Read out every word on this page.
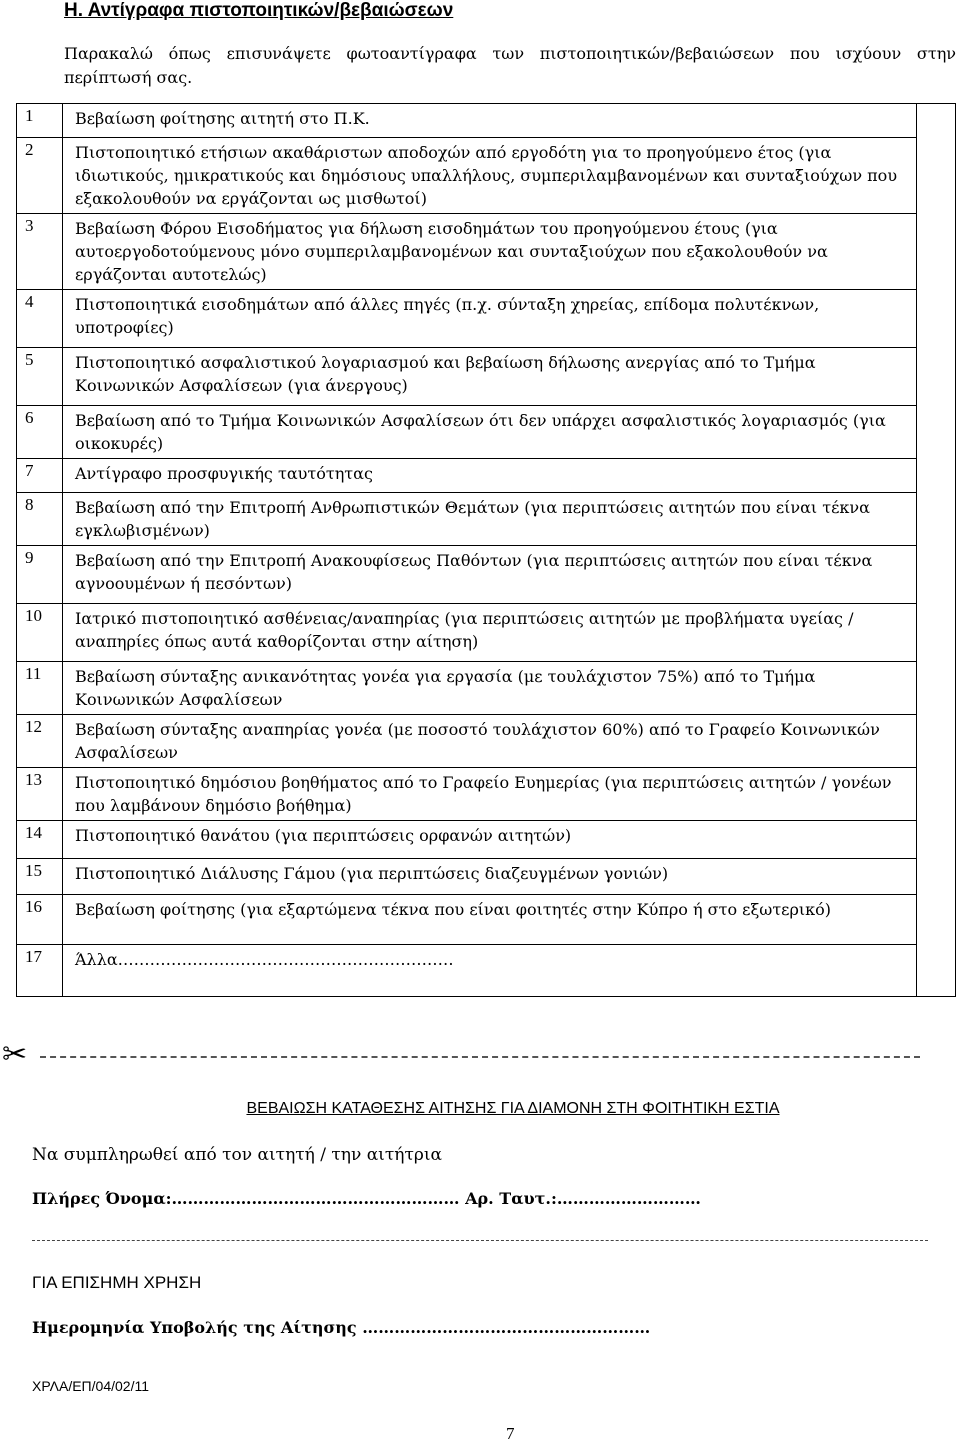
Η. Αντίγραφα πιστοποιητικών/βεβαιώσεων
Παρακαλώ όπως επισυνάψετε φωτοαντίγραφα των πιστοποιητικών/βεβαιώσεων που ισχύουν στην περίπτωσή σας.
1	Βεβαίωση φοίτησης αιτητή στο Π.Κ.	
2	Πιστοποιητικό ετήσιων ακαθάριστων αποδοχών από εργοδότη για το προηγούμενο έτος (για ιδιωτικούς, ημικρατικούς και δημόσιους υπαλλήλους, συμπεριλαμβανομένων και συνταξιούχων που εξακολουθούν να εργάζονται ως μισθωτοί)	
3	Βεβαίωση Φόρου Εισοδήματος για δήλωση εισοδημάτων του προηγούμενου έτους (για αυτοεργοδοτούμενους μόνο συμπεριλαμβανομένων και συνταξιούχων που εξακολουθούν να εργάζονται αυτοτελώς)	
4	Πιστοποιητικά εισοδημάτων από άλλες πηγές (π.χ. σύνταξη χηρείας, επίδομα πολυτέκνων, υποτροφίες)	
5	Πιστοποιητικό ασφαλιστικού λογαριασμού και βεβαίωση δήλωσης ανεργίας από το Τμήμα Κοινωνικών Ασφαλίσεων (για άνεργους)	
6	Βεβαίωση από το Τμήμα Κοινωνικών Ασφαλίσεων ότι δεν υπάρχει ασφαλιστικός λογαριασμός (για οικοκυρές)	
7	Αντίγραφο προσφυγικής ταυτότητας	
8	Βεβαίωση από την Επιτροπή Ανθρωπιστικών Θεμάτων (για περιπτώσεις αιτητών που είναι τέκνα εγκλωβισμένων)	
9	Βεβαίωση από την Επιτροπή Ανακουφίσεως Παθόντων (για περιπτώσεις αιτητών που είναι τέκνα αγνοουμένων ή πεσόντων)	
10	Ιατρικό πιστοποιητικό ασθένειας/αναπηρίας (για περιπτώσεις αιτητών με προβλήματα υγείας /αναπηρίες όπως αυτά καθορίζονται στην αίτηση)	
11	Βεβαίωση σύνταξης ανικανότητας γονέα για εργασία (με τουλάχιστον 75%) από το Τμήμα Κοινωνικών Ασφαλίσεων	
12	Βεβαίωση σύνταξης αναπηρίας γονέα (με ποσοστό τουλάχιστον 60%) από το Γραφείο Κοινωνικών Ασφαλίσεων	
13	Πιστοποιητικό δημόσιου βοηθήματος από το Γραφείο Ευημερίας (για περιπτώσεις αιτητών / γονέων που λαμβάνουν δημόσιο βοήθημα)	
14	Πιστοποιητικό θανάτου (για περιπτώσεις ορφανών αιτητών)	
15	Πιστοποιητικό Διάλυσης Γάμου (για περιπτώσεις διαζευγμένων γονιών)	
16	Βεβαίωση φοίτησης (για εξαρτώμενα τέκνα που είναι φοιτητές στην Κύπρο ή στο εξωτερικό)	
17	Άλλα………………………………………………………	
✂
ΒΕΒΑΙΩΣΗ ΚΑΤΑΘΕΣΗΣ ΑΙΤΗΣΗΣ ΓΙΑ ΔΙΑΜΟΝΗ ΣΤΗ ΦΟΙΤΗΤΙΚΗ ΕΣΤΙΑ
Να συμπληρωθεί από τον αιτητή / την αιτήτρια
Πλήρες Όνομα:……………………………………………… Αρ. Ταυτ.:………………………
ΓΙΑ ΕΠΙΣΗΜΗ ΧΡΗΣΗ
Ημερομηνία Υποβολής της Αίτησης ………………………………………………
ΧΡΛΑ/ΕΠ/04/02/11
7
